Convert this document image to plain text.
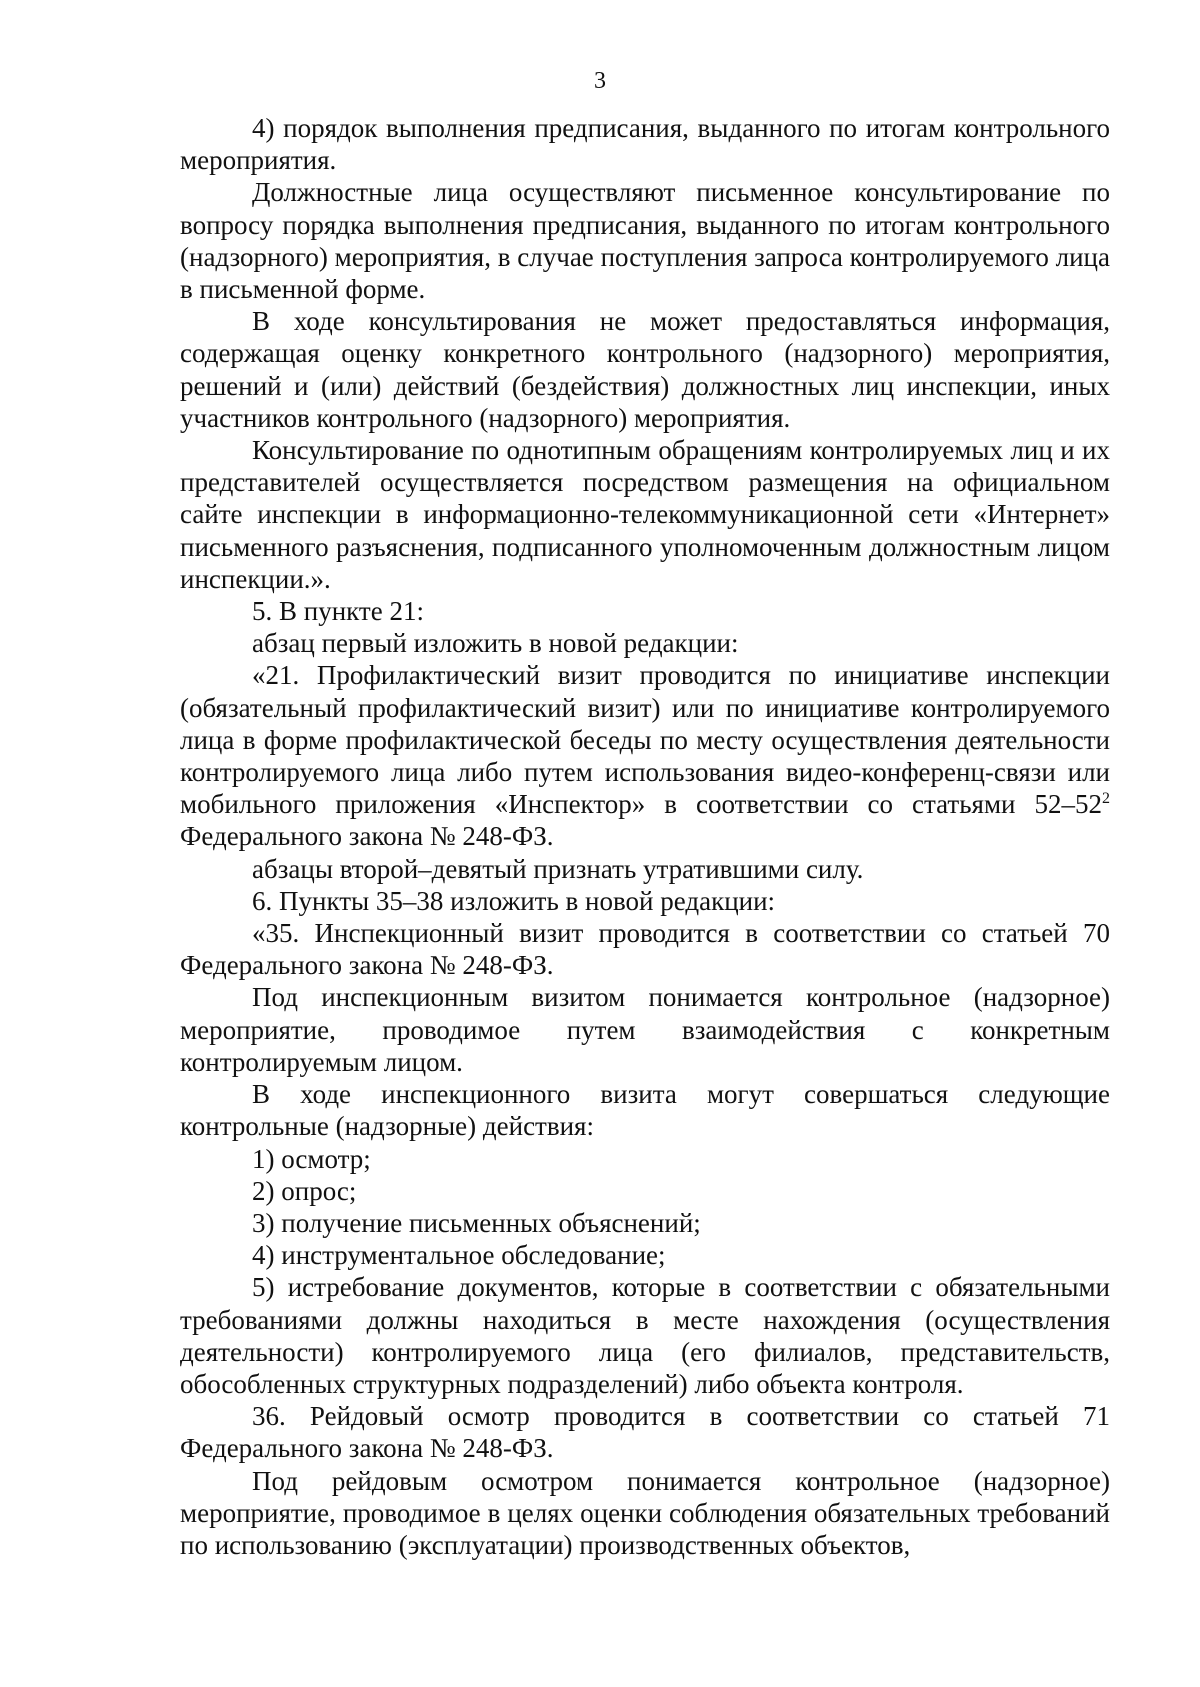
3

4) порядок выполнения предписания, выданного по итогам контрольного мероприятия.

Должностные лица осуществляют письменное консультирование по вопросу порядка выполнения предписания, выданного по итогам контрольного (надзорного) мероприятия, в случае поступления запроса контролируемого лица в письменной форме.

В ходе консультирования не может предоставляться информация, содержащая оценку конкретного контрольного (надзорного) мероприятия, решений и (или) действий (бездействия) должностных лиц инспекции, иных участников контрольного (надзорного) мероприятия.

Консультирование по однотипным обращениям контролируемых лиц и их представителей осуществляется посредством размещения на официальном сайте инспекции в информационно-телекоммуникационной сети «Интернет» письменного разъяснения, подписанного уполномоченным должностным лицом инспекции.».

5. В пункте 21:

абзац первый изложить в новой редакции:

«21. Профилактический визит проводится по инициативе инспекции (обязательный профилактический визит) или по инициативе контролируемого лица в форме профилактической беседы по месту осуществления деятельности контролируемого лица либо путем использования видео-конференц-связи или мобильного приложения «Инспектор» в соответствии со статьями $52-52^2$ Федерального закона № 248-ФЗ.

абзацы второй–девятый признать утратившими силу.

6. Пункты 35–38 изложить в новой редакции:

«35. Инспекционный визит проводится в соответствии со статьей 70 Федерального закона № 248-ФЗ.

Под инспекционным визитом понимается контрольное (надзорное) мероприятие, проводимое путем взаимодействия с конкретным контролируемым лицом.

В ходе инспекционного визита могут совершаться следующие контрольные (надзорные) действия:

1) осмотр;

2) опрос;

3) получение письменных объяснений;

4) инструментальное обследование;

5) истребование документов, которые в соответствии с обязательными требованиями должны находиться в месте нахождения (осуществления деятельности) контролируемого лица (его филиалов, представительств, обособленных структурных подразделений) либо объекта контроля.

36. Рейдовый осмотр проводится в соответствии со статьей 71 Федерального закона № 248-ФЗ.

Под рейдовым осмотром понимается контрольное (надзорное) мероприятие, проводимое в целях оценки соблюдения обязательных требований по использованию (эксплуатации) производственных объектов,
